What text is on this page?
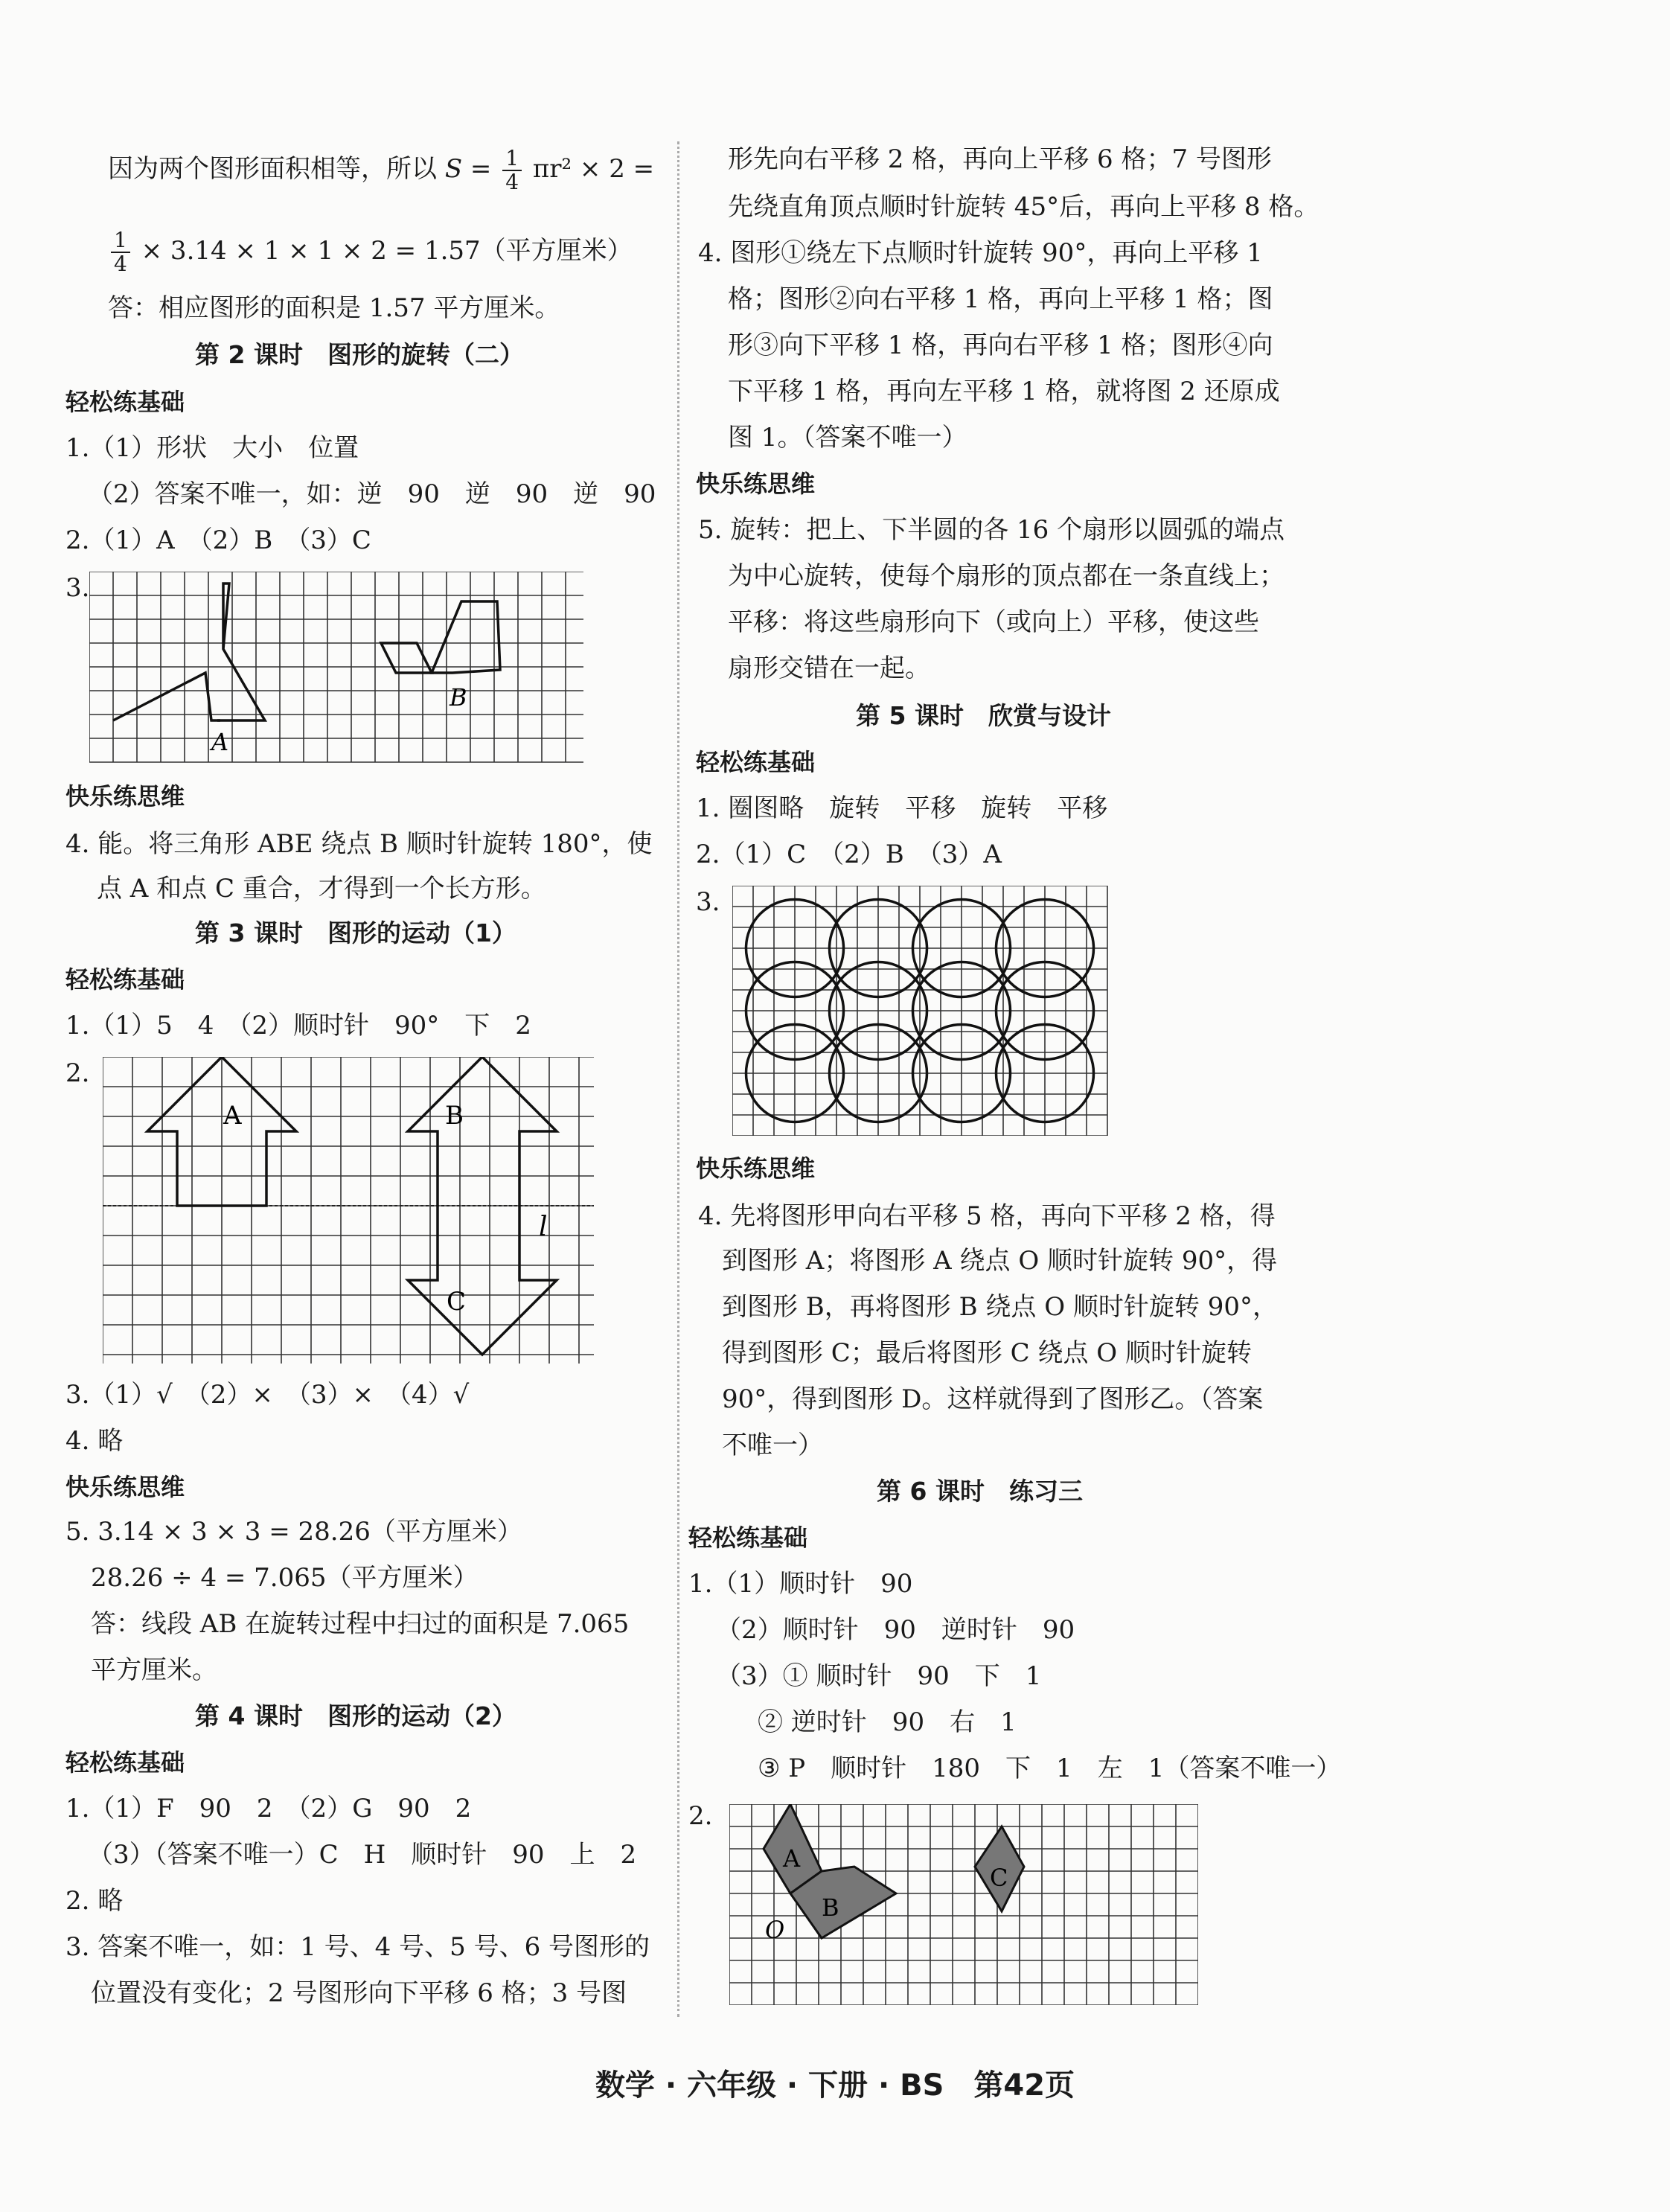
因为两个图形面积相等，所以 $S = \frac{1}{4} \pi r^2 \times 2$ =
$\frac{1}{4} \times 3.14 \times 1 \times 1 \times 2 = 1.57$（平方厘米）
答：相应图形的面积是 1.57 平方厘米。
第 2 课时　图形的旋转（二）
轻松练基础
1.（1）形状　大小　位置
（2）答案不唯一，如：逆　90　逆　90　逆　90
2.（1）A　（2）B　（3）C
3.
A
B
快乐练思维
4. 能。将三角形 ABE 绕点 B 顺时针旋转 180°，使
点 A 和点 C 重合，才得到一个长方形。
第 3 课时　图形的运动（1）
轻松练基础
1.（1）5　4　（2）顺时针　90°　下　2
2.
A	B
C
l
3.（1）√　（2）×　（3）×　（4）√
4. 略
快乐练思维
5. 3.14 × 3 × 3 = 28.26（平方厘米）
28.26 ÷ 4 = 7.065（平方厘米）
答：线段 AB 在旋转过程中扫过的面积是 7.065
平方厘米。
第 4 课时　图形的运动（2）
轻松练基础
1.（1）F　90　2　（2）G　90　2
（3）（答案不唯一）C　H　顺时针　90　上　2
2. 略
3. 答案不唯一，如：1 号、4 号、5 号、6 号图形的
位置没有变化；2 号图形向下平移 6 格；3 号图
形先向右平移 2 格，再向上平移 6 格；7 号图形
先绕直角顶点顺时针旋转 45°后，再向上平移 8 格。
4. 图形①绕左下点顺时针旋转 90°，再向上平移 1
格；图形②向右平移 1 格，再向上平移 1 格；图
形③向下平移 1 格，再向右平移 1 格；图形④向
下平移 1 格，再向左平移 1 格，就将图 2 还原成
图 1。（答案不唯一）
快乐练思维
5. 旋转：把上、下半圆的各 16 个扇形以圆弧的端点
为中心旋转，使每个扇形的顶点都在一条直线上；
平移：将这些扇形向下（或向上）平移，使这些
扇形交错在一起。
第 5 课时　欣赏与设计
轻松练基础
1. 圈图略　旋转　平移　旋转　平移
2.（1）C　（2）B　（3）A
3.
快乐练思维
4. 先将图形甲向右平移 5 格，再向下平移 2 格，得
到图形 A；将图形 A 绕点 O 顺时针旋转 90°，得
到图形 B，再将图形 B 绕点 O 顺时针旋转 90°，
得到图形 C；最后将图形 C 绕点 O 顺时针旋转
90°，得到图形 D。这样就得到了图形乙。（答案
不唯一）
第 6 课时　练习三
轻松练基础
1.（1）顺时针　90
（2）顺时针　90　逆时针　90
（3）① 顺时针　90　下　1
② 逆时针　90　右　1
③ P　顺时针　180　下　1　左　1（答案不唯一）
2.
A
B
C
O
数学 · 六年级 · 下册 · BS　第42页
